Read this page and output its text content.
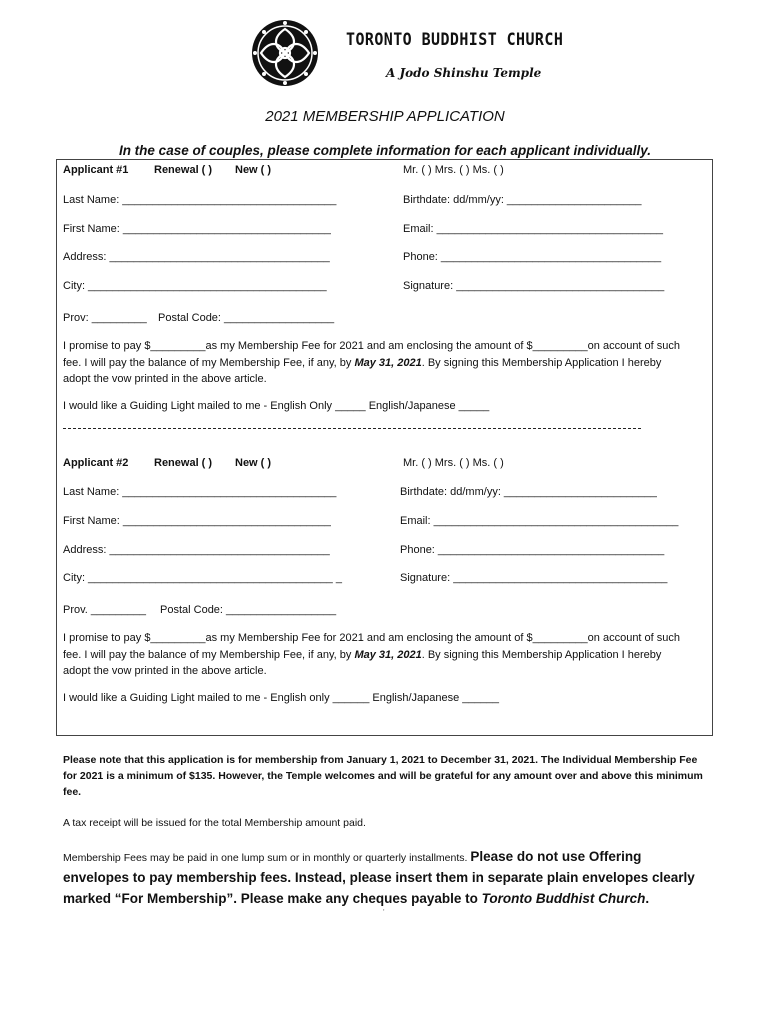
TORONTO BUDDHIST CHURCH
A Jodo Shinshu Temple
2021 MEMBERSHIP APPLICATION
In the case of couples, please complete information for each applicant individually.
Applicant #1 Renewal ( ) New ( )	Mr. ( ) Mrs. ( ) Ms. ( )
Last Name: ___________________________________	Birthdate: dd/mm/yy: ______________________
First Name: __________________________________	Email: _____________________________________
Address: ____________________________________	Phone: ____________________________________
City: _______________________________________	Signature: __________________________________
Prov: _________ Postal Code: __________________
I promise to pay $_________as my Membership Fee for 2021 and am enclosing the amount of $_________on account of such fee. I will pay the balance of my Membership Fee, if any, by May 31, 2021. By signing this Membership Application I hereby adopt the vow printed in the above article.
I would like a Guiding Light mailed to me - English Only _____ English/Japanese _____
Applicant #2 Renewal ( ) New ( )	Mr. ( ) Mrs. ( ) Ms. ( )
Last Name: ___________________________________	Birthdate: dd/mm/yy: _________________________
First Name: __________________________________	Email: ________________________________________
Address: ____________________________________	Phone: _____________________________________
City: ________________________________________ _	Signature: ___________________________________
Prov. _________ Postal Code: __________________
I promise to pay $_________as my Membership Fee for 2021 and am enclosing the amount of $_________on account of such fee. I will pay the balance of my Membership Fee, if any, by May 31, 2021. By signing this Membership Application I hereby adopt the vow printed in the above article.
I would like a Guiding Light mailed to me - English only ______ English/Japanese ______
Please note that this application is for membership from January 1, 2021 to December 31, 2021. The Individual Membership Fee for 2021 is a minimum of $135. However, the Temple welcomes and will be grateful for any amount over and above this minimum fee.
A tax receipt will be issued for the total Membership amount paid.
Membership Fees may be paid in one lump sum or in monthly or quarterly installments. Please do not use Offering envelopes to pay membership fees. Instead, please insert them in separate plain envelopes clearly marked “For Membership”. Please make any cheques payable to Toronto Buddhist Church.
'
